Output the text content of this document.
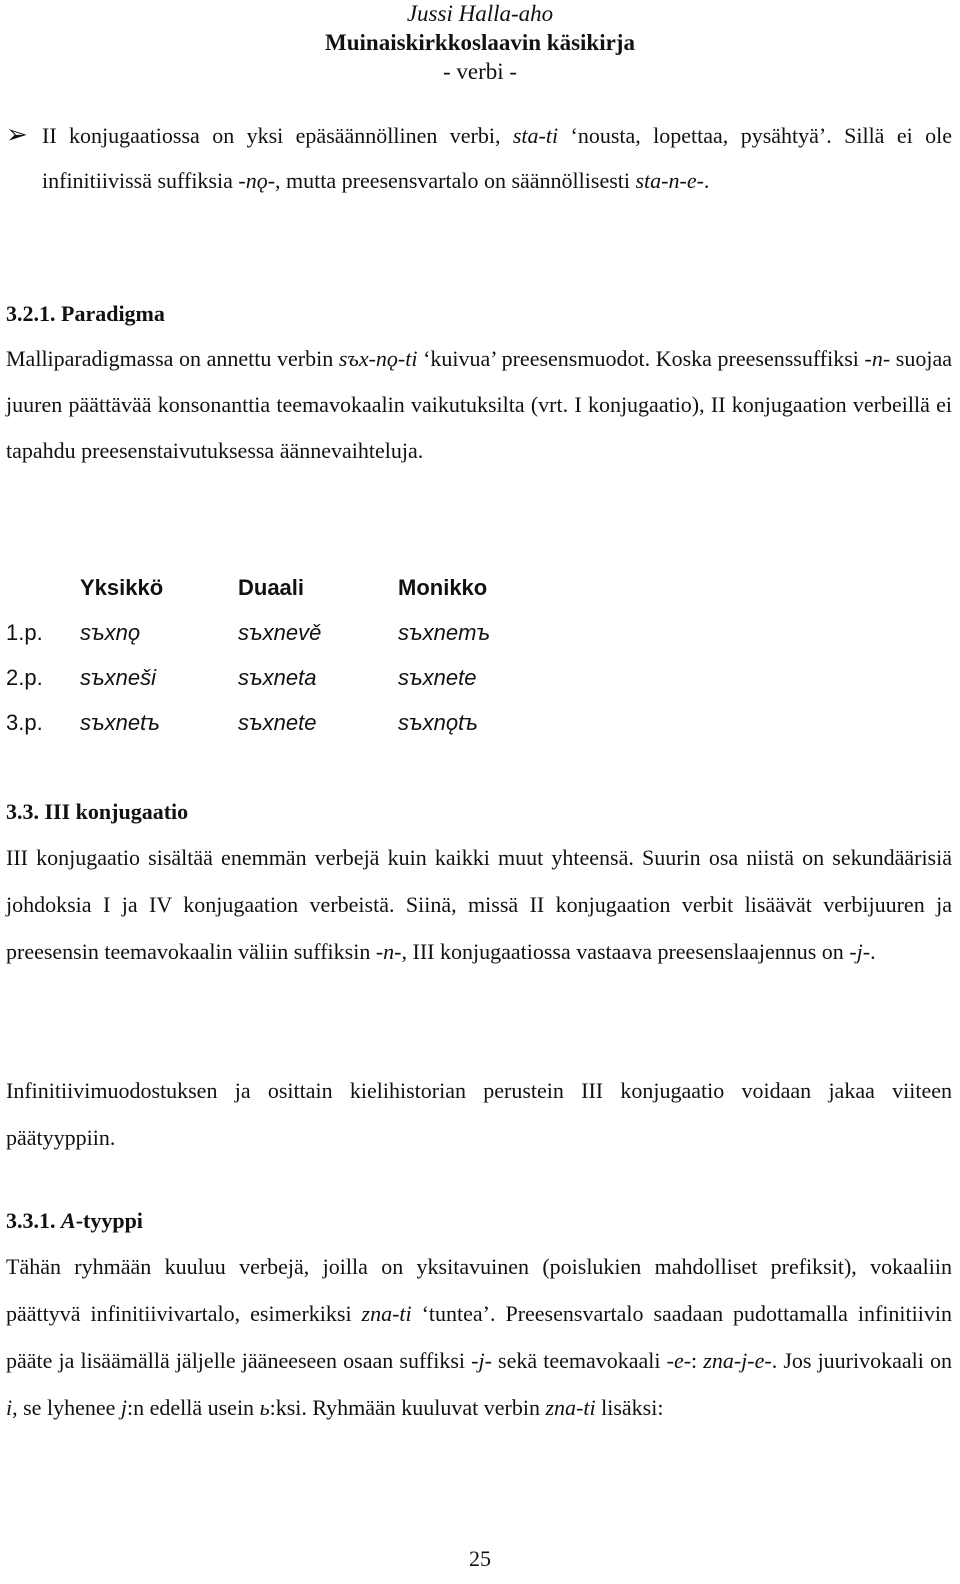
Jussi Halla-aho
Muinaiskirkkoslaavin käsikirja
- verbi -
➢ II konjugaatiossa on yksi epäsäännöllinen verbi, sta-ti ‘nousta, lopettaa, pysähtyä’. Sillä ei ole infinitiivissä suffiksia -nǫ-, mutta preesensvartalo on säännöllisesti sta-n-e-.
3.2.1. Paradigma
Malliparadigmassa on annettu verbin sъx-nǫ-ti ‘kuivua’ preesensmuodot. Koska preesenssuffiksi -n- suojaa juuren päättävää konsonanttia teemavokaalin vaikutuksilta (vrt. I konjugaatio), II konjugaation verbeillä ei tapahdu preesenstaivutuksessa äännevaihteluja.
	Yksikkö	Duaali	Monikko
1.p.	sъxnǫ	sъxnevě	sъxnemъ
2.p.	sъxneši	sъxneta	sъxnete
3.p.	sъxnetъ	sъxnete	sъxnǫtъ
3.3. III konjugaatio
III konjugaatio sisältää enemmän verbejä kuin kaikki muut yhteensä. Suurin osa niistä on sekundäärisiä johdoksia I ja IV konjugaation verbeistä. Siinä, missä II konjugaation verbit lisäävät verbijuuren ja preesensin teemavokaalin väliin suffiksin -n-, III konjugaatiossa vastaava preesenslaajennus on -j-.
Infinitiivimuodostuksen ja osittain kielihistorian perustein III konjugaatio voidaan jakaa viiteen päätyyppiin.
3.3.1. A-tyyppi
Tähän ryhmään kuuluu verbejä, joilla on yksitavuinen (poislukien mahdolliset prefiksit), vokaaliin päättyvä infinitiivivartalo, esimerkiksi zna-ti ‘tuntea’. Preesensvartalo saadaan pudottamalla infinitiivin pääte ja lisäämällä jäljelle jääneeseen osaan suffiksi -j- sekä teemavokaali -e-: zna-j-e-. Jos juurivokaali on i, se lyhenee j:n edellä usein ь:ksi. Ryhmään kuuluvat verbin zna-ti lisäksi:
25
